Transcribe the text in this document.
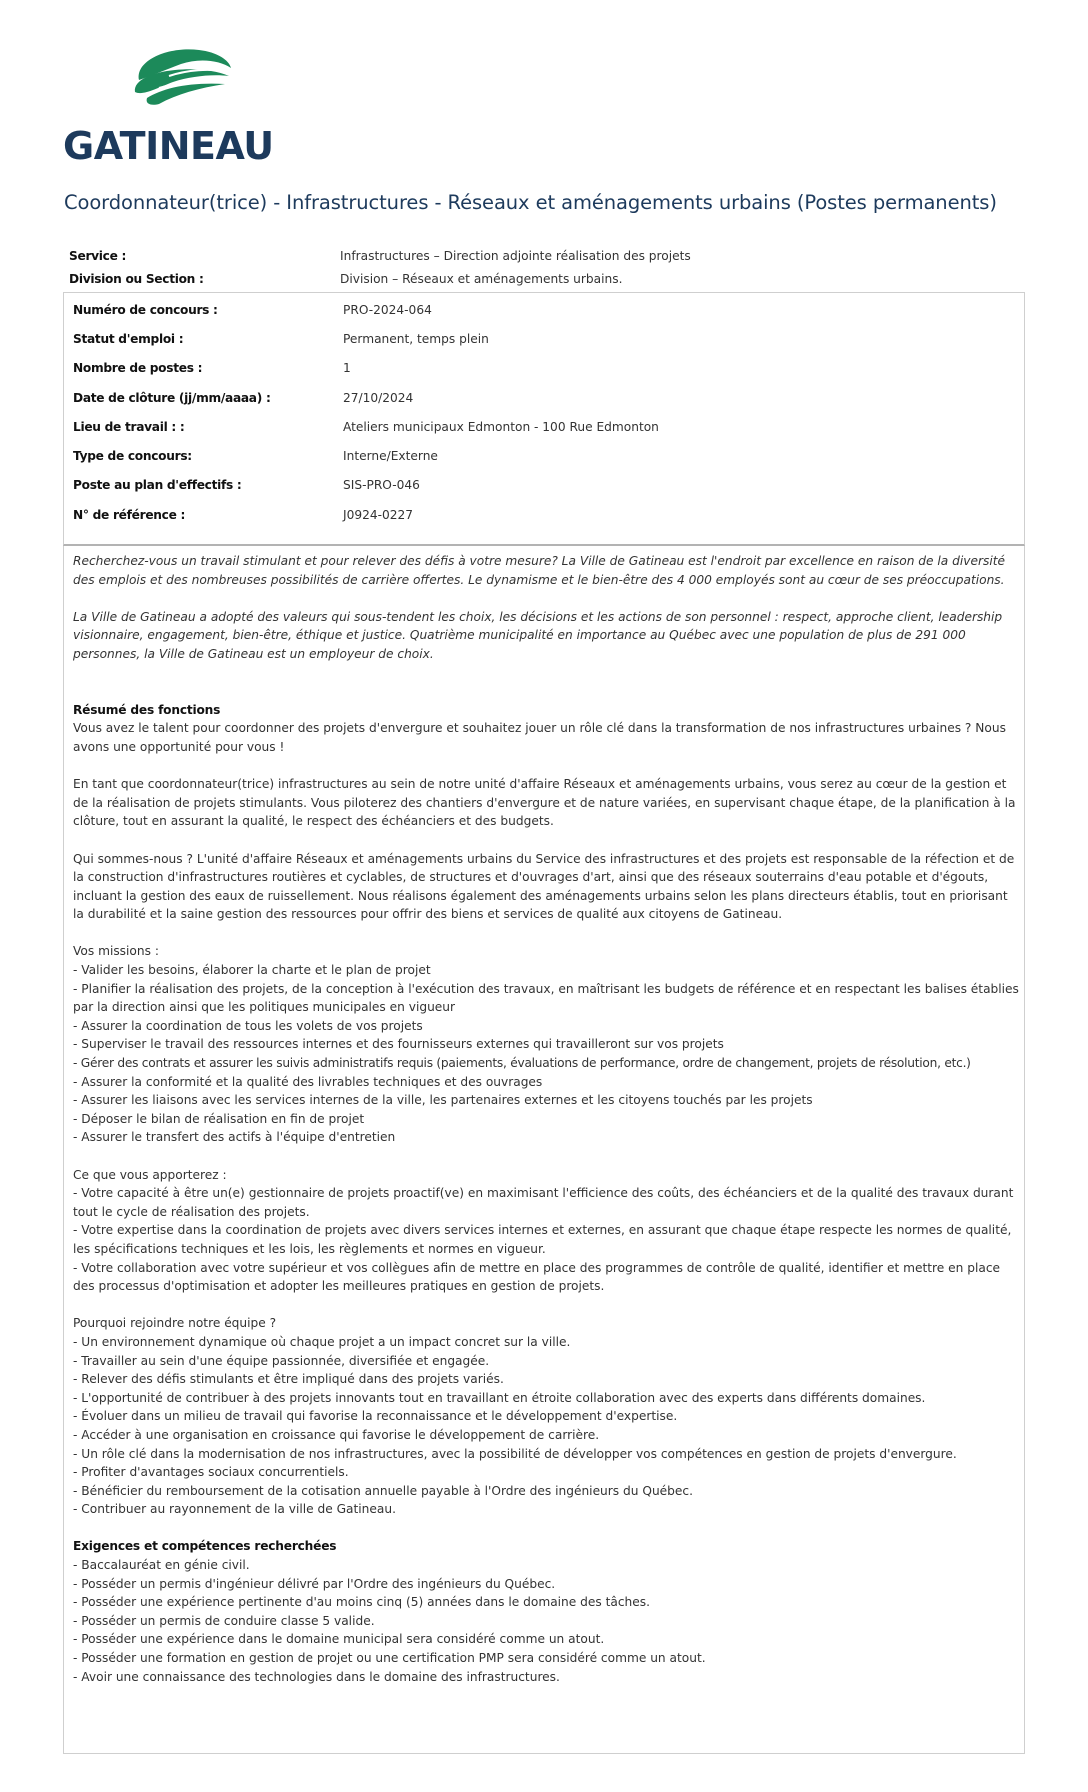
GATINEAU
Coordonnateur(trice) - Infrastructures - Réseaux et aménagements urbains (Postes permanents)
Service :	Infrastructures – Direction adjointe réalisation des projets
Division ou Section :	Division – Réseaux et aménagements urbains.
Numéro de concours :	PRO-2024-064
Statut d'emploi :	Permanent, temps plein
Nombre de postes :	1
Date de clôture (jj/mm/aaaa) :	27/10/2024
Lieu de travail : :	Ateliers municipaux Edmonton - 100 Rue Edmonton
Type de concours:	Interne/Externe
Poste au plan d'effectifs :	SIS-PRO-046
N° de référence :	J0924-0227

Recherchez-vous un travail stimulant et pour relever des défis à votre mesure? La Ville de Gatineau est l'endroit par excellence en raison de la diversité des emplois et des nombreuses possibilités de carrière offertes. Le dynamisme et le bien-être des 4 000 employés sont au cœur de ses préoccupations.

La Ville de Gatineau a adopté des valeurs qui sous-tendent les choix, les décisions et les actions de son personnel : respect, approche client, leadership visionnaire, engagement, bien-être, éthique et justice. Quatrième municipalité en importance au Québec avec une population de plus de 291 000 personnes, la Ville de Gatineau est un employeur de choix.

Résumé des fonctions

Vous avez le talent pour coordonner des projets d'envergure et souhaitez jouer un rôle clé dans la transformation de nos infrastructures urbaines ? Nous avons une opportunité pour vous !

En tant que coordonnateur(trice) infrastructures au sein de notre unité d'affaire Réseaux et aménagements urbains, vous serez au cœur de la gestion et de la réalisation de projets stimulants. Vous piloterez des chantiers d'envergure et de nature variées, en supervisant chaque étape, de la planification à la clôture, tout en assurant la qualité, le respect des échéanciers et des budgets.

Qui sommes-nous ? L'unité d'affaire Réseaux et aménagements urbains du Service des infrastructures et des projets est responsable de la réfection et de la construction d'infrastructures routières et cyclables, de structures et d'ouvrages d'art, ainsi que des réseaux souterrains d'eau potable et d'égouts, incluant la gestion des eaux de ruissellement. Nous réalisons également des aménagements urbains selon les plans directeurs établis, tout en priorisant la durabilité et la saine gestion des ressources pour offrir des biens et services de qualité aux citoyens de Gatineau.

Vos missions :

- Valider les besoins, élaborer la charte et le plan de projet

- Planifier la réalisation des projets, de la conception à l'exécution des travaux, en maîtrisant les budgets de référence et en respectant les balises établies par la direction ainsi que les politiques municipales en vigueur

- Assurer la coordination de tous les volets de vos projets

- Superviser le travail des ressources internes et des fournisseurs externes qui travailleront sur vos projets

- Gérer des contrats et assurer les suivis administratifs requis (paiements, évaluations de performance, ordre de changement, projets de résolution, etc.)

- Assurer la conformité et la qualité des livrables techniques et des ouvrages

- Assurer les liaisons avec les services internes de la ville, les partenaires externes et les citoyens touchés par les projets

- Déposer le bilan de réalisation en fin de projet

- Assurer le transfert des actifs à l'équipe d'entretien

Ce que vous apporterez :

- Votre capacité à être un(e) gestionnaire de projets proactif(ve) en maximisant l'efficience des coûts, des échéanciers et de la qualité des travaux durant tout le cycle de réalisation des projets.

- Votre expertise dans la coordination de projets avec divers services internes et externes, en assurant que chaque étape respecte les normes de qualité, les spécifications techniques et les lois, les règlements et normes en vigueur.

- Votre collaboration avec votre supérieur et vos collègues afin de mettre en place des programmes de contrôle de qualité, identifier et mettre en place des processus d'optimisation et adopter les meilleures pratiques en gestion de projets.

Pourquoi rejoindre notre équipe ?

- Un environnement dynamique où chaque projet a un impact concret sur la ville.

- Travailler au sein d'une équipe passionnée, diversifiée et engagée.

- Relever des défis stimulants et être impliqué dans des projets variés.

- L'opportunité de contribuer à des projets innovants tout en travaillant en étroite collaboration avec des experts dans différents domaines.

- Évoluer dans un milieu de travail qui favorise la reconnaissance et le développement d'expertise.

- Accéder à une organisation en croissance qui favorise le développement de carrière.

- Un rôle clé dans la modernisation de nos infrastructures, avec la possibilité de développer vos compétences en gestion de projets d'envergure.

- Profiter d'avantages sociaux concurrentiels.

- Bénéficier du remboursement de la cotisation annuelle payable à l'Ordre des ingénieurs du Québec.

- Contribuer au rayonnement de la ville de Gatineau.

Exigences et compétences recherchées

- Baccalauréat en génie civil.

- Posséder un permis d'ingénieur délivré par l'Ordre des ingénieurs du Québec.

- Posséder une expérience pertinente d'au moins cinq (5) années dans le domaine des tâches.

- Posséder un permis de conduire classe 5 valide.

- Posséder une expérience dans le domaine municipal sera considéré comme un atout.

- Posséder une formation en gestion de projet ou une certification PMP sera considéré comme un atout.

- Avoir une connaissance des technologies dans le domaine des infrastructures.
